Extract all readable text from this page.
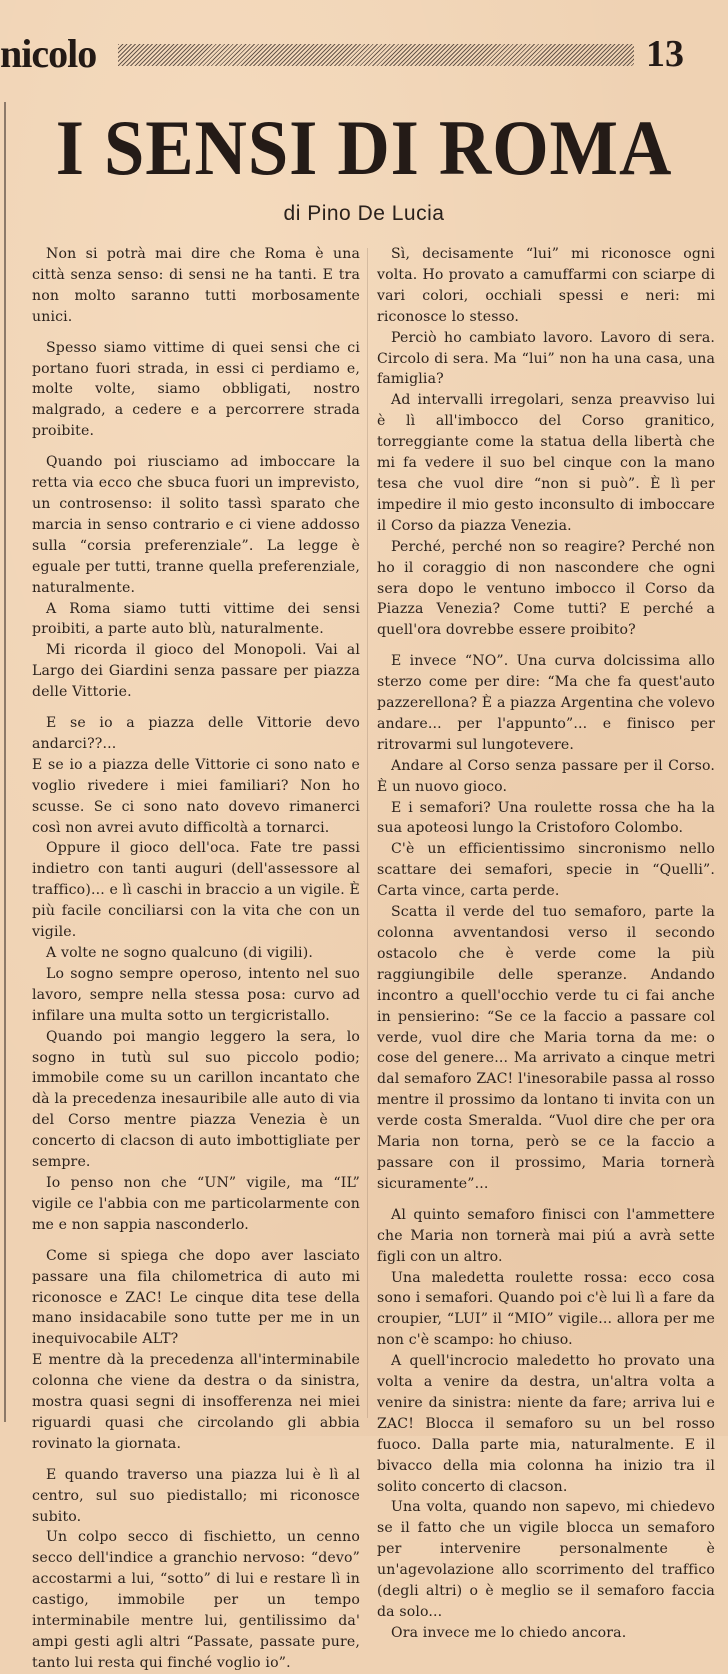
nicolo	13
I SENSI DI ROMA
di Pino De Lucia

Non si potrà mai dire che Roma è una città senza senso: di sensi ne ha tanti. E tra non molto saranno tutti morbosamente unici.

Spesso siamo vittime di quei sensi che ci portano fuori strada, in essi ci perdiamo e, molte volte, siamo obbligati, nostro malgrado, a cedere e a percorrere strada proibite.

Quando poi riusciamo ad imboccare la retta via ecco che sbuca fuori un imprevisto, un controsenso: il solito tassì sparato che marcia in senso contrario e ci viene addosso sulla “corsia preferenziale”. La legge è eguale per tutti, tranne quella preferenziale, naturalmente.

A Roma siamo tutti vittime dei sensi proibiti, a parte auto blù, naturalmente.

Mi ricorda il gioco del Monopoli. Vai al Largo dei Giardini senza passare per piazza delle Vittorie.

E se io a piazza delle Vittorie devo andarci??...

E se io a piazza delle Vittorie ci sono nato e voglio rivedere i miei familiari? Non ho scusse. Se ci sono nato dovevo rimanerci così non avrei avuto difficoltà a tornarci.

Oppure il gioco dell'oca. Fate tre passi indietro con tanti auguri (dell'assessore al traffico)... e lì caschi in braccio a un vigile. È più facile conciliarsi con la vita che con un vigile.

A volte ne sogno qualcuno (di vigili).

Lo sogno sempre operoso, intento nel suo lavoro, sempre nella stessa posa: curvo ad infilare una multa sotto un tergicristallo.

Quando poi mangio leggero la sera, lo sogno in tutù sul suo piccolo podio; immobile come su un carillon incantato che dà la precedenza inesauribile alle auto di via del Corso mentre piazza Venezia è un concerto di clacson di auto imbottigliate per sempre.

Io penso non che “UN” vigile, ma “IL” vigile ce l'abbia con me particolarmente con me e non sappia nasconderlo.

Come si spiega che dopo aver lasciato passare una fila chilometrica di auto mi riconosce e ZAC! Le cinque dita tese della mano insidacabile sono tutte per me in un inequivocabile ALT?

E mentre dà la precedenza all'interminabile colonna che viene da destra o da sinistra, mostra quasi segni di insofferenza nei miei riguardi quasi che circolando gli abbia rovinato la giornata.

E quando traverso una piazza lui è lì al centro, sul suo piedistallo; mi riconosce subito.

Un colpo secco di fischietto, un cenno secco dell'indice a granchio nervoso: “devo” accostarmi a lui, “sotto” di lui e restare lì in castigo, immobile per un tempo interminabile mentre lui, gentilissimo da' ampi gesti agli altri “Passate, passate pure, tanto lui resta qui finché voglio io”.

Sì, decisamente “lui” mi riconosce ogni volta. Ho provato a camuffarmi con sciarpe di vari colori, occhiali spessi e neri: mi riconosce lo stesso.

Perciò ho cambiato lavoro. Lavoro di sera. Circolo di sera. Ma “lui” non ha una casa, una famiglia?

Ad intervalli irregolari, senza preavviso lui è lì all'imbocco del Corso granitico, torreggiante come la statua della libertà che mi fa vedere il suo bel cinque con la mano tesa che vuol dire “non si può”. È lì per impedire il mio gesto inconsulto di imboccare il Corso da piazza Venezia.

Perché, perché non so reagire? Perché non ho il coraggio di non nascondere che ogni sera dopo le ventuno imbocco il Corso da Piazza Venezia? Come tutti? E perché a quell'ora dovrebbe essere proibito?

E invece “NO”. Una curva dolcissima allo sterzo come per dire: “Ma che fa quest'auto pazzerellona? È a piazza Argentina che volevo andare... per l'appunto”... e finisco per ritrovarmi sul lungotevere.

Andare al Corso senza passare per il Corso. È un nuovo gioco.

E i semafori? Una roulette rossa che ha la sua apoteosi lungo la Cristoforo Colombo.

C'è un efficientissimo sincronismo nello scattare dei semafori, specie in “Quelli”. Carta vince, carta perde.

Scatta il verde del tuo semaforo, parte la colonna avventandosi verso il secondo ostacolo che è verde come la più raggiungibile delle speranze. Andando incontro a quell'occhio verde tu ci fai anche in pensierino: “Se ce la faccio a passare col verde, vuol dire che Maria torna da me: o cose del genere... Ma arrivato a cinque metri dal semaforo ZAC! l'inesorabile passa al rosso mentre il prossimo da lontano ti invita con un verde costa Smeralda. “Vuol dire che per ora Maria non torna, però se ce la faccio a passare con il prossimo, Maria tornerà sicuramente”...

Al quinto semaforo finisci con l'ammettere che Maria non tornerà mai piú a avrà sette figli con un altro.

Una maledetta roulette rossa: ecco cosa sono i semafori. Quando poi c'è lui lì a fare da croupier, “LUI” il “MIO” vigile... allora per me non c'è scampo: ho chiuso.

A quell'incrocio maledetto ho provato una volta a venire da destra, un'altra volta a venire da sinistra: niente da fare; arriva lui e ZAC! Blocca il semaforo su un bel rosso fuoco. Dalla parte mia, naturalmente. E il bivacco della mia colonna ha inizio tra il solito concerto di clacson.

Una volta, quando non sapevo, mi chiedevo se il fatto che un vigile blocca un semaforo per intervenire personalmente è un'agevolazione allo scorrimento del traffico (degli altri) o è meglio se il semaforo faccia da solo...

Ora invece me lo chiedo ancora.
